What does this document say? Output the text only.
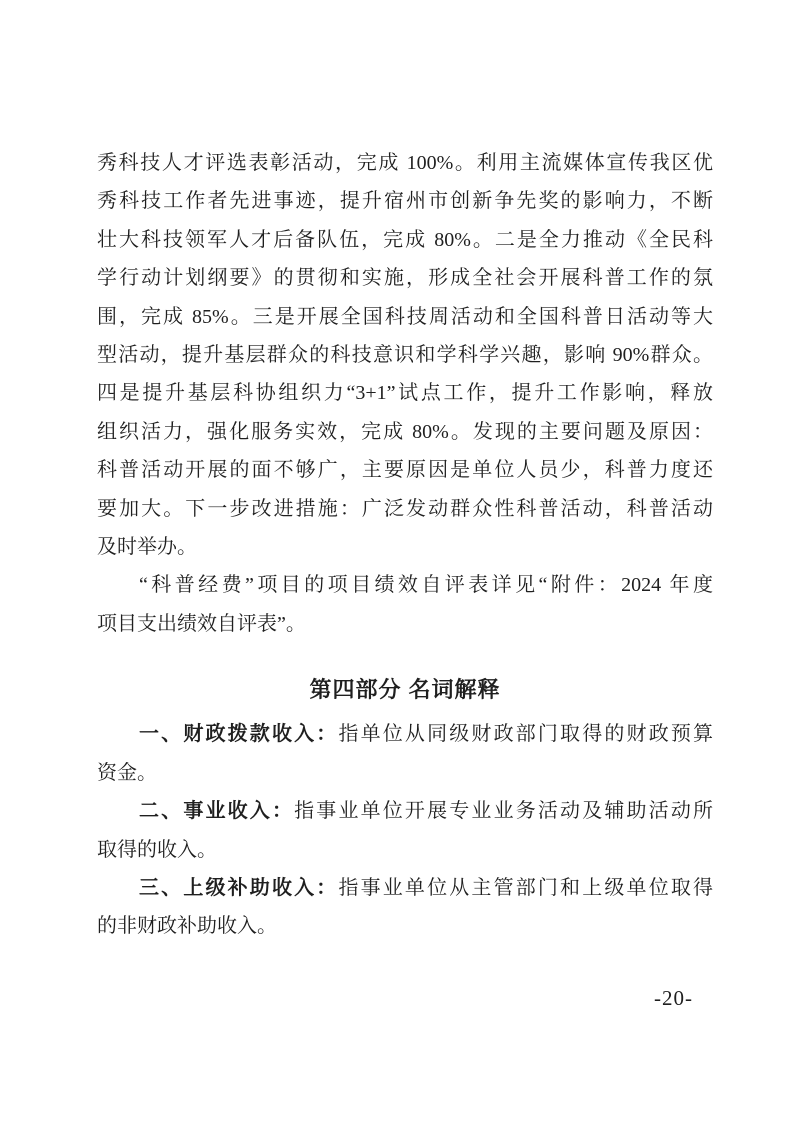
秀科技人才评选表彰活动，完成 100%。利用主流媒体宣传我区优
秀科技工作者先进事迹，提升宿州市创新争先奖的影响力，不断
壮大科技领军人才后备队伍，完成 80%。二是全力推动《全民科
学行动计划纲要》的贯彻和实施，形成全社会开展科普工作的氛
围，完成 85%。三是开展全国科技周活动和全国科普日活动等大
型活动，提升基层群众的科技意识和学科学兴趣，影响 90%群众。
四是提升基层科协组织力“3+1”试点工作，提升工作影响，释放
组织活力，强化服务实效，完成 80%。发现的主要问题及原因：
科普活动开展的面不够广，主要原因是单位人员少，科普力度还
要加大。下一步改进措施：广泛发动群众性科普活动，科普活动
及时举办。
“科普经费”项目的项目绩效自评表详见“附件：2024 年度
项目支出绩效自评表”。
第四部分 名词解释
一、财政拨款收入：指单位从同级财政部门取得的财政预算
资金。
二、事业收入：指事业单位开展专业业务活动及辅助活动所
取得的收入。
三、上级补助收入：指事业单位从主管部门和上级单位取得
的非财政补助收入。
-20-
